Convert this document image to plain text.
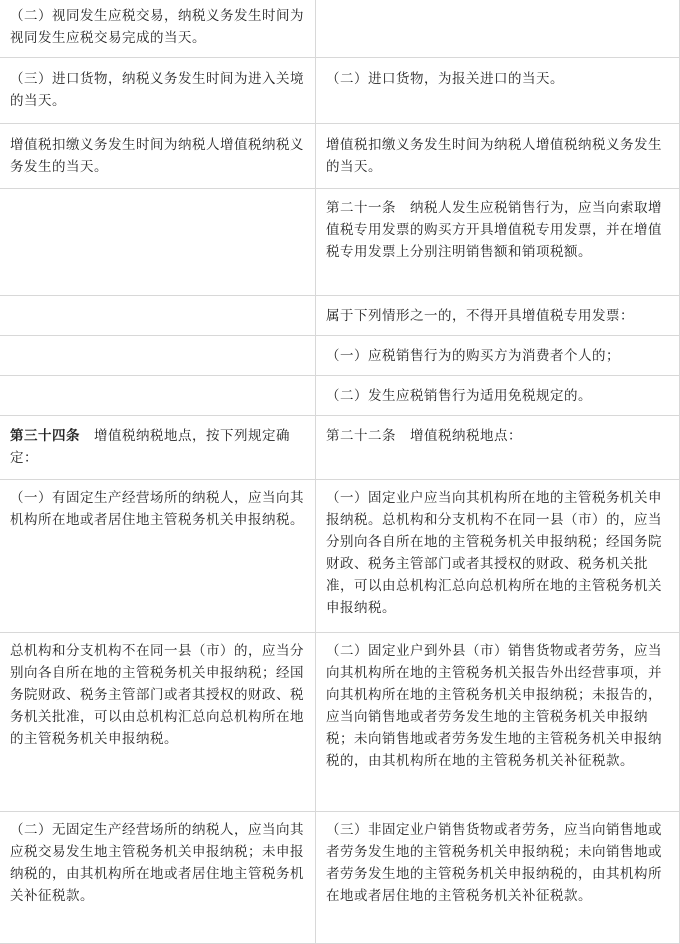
（二）视同发生应税交易，纳税义务发生时间为视同发生应税交易完成的当天。
（三）进口货物，纳税义务发生时间为进入关境的当天。
（二）进口货物，为报关进口的当天。
增值税扣缴义务发生时间为纳税人增值税纳税义务发生的当天。
增值税扣缴义务发生时间为纳税人增值税纳税义务发生的当天。
第二十一条　纳税人发生应税销售行为，应当向索取增值税专用发票的购买方开具增值税专用发票，并在增值税专用发票上分别注明销售额和销项税额。
属于下列情形之一的，不得开具增值税专用发票：
（一）应税销售行为的购买方为消费者个人的；
（二）发生应税销售行为适用免税规定的。
第三十四条　增值税纳税地点，按下列规定确定：
第二十二条　增值税纳税地点：
（一）有固定生产经营场所的纳税人，应当向其机构所在地或者居住地主管税务机关申报纳税。
（一）固定业户应当向其机构所在地的主管税务机关申报纳税。总机构和分支机构不在同一县（市）的，应当分别向各自所在地的主管税务机关申报纳税；经国务院财政、税务主管部门或者其授权的财政、税务机关批准，可以由总机构汇总向总机构所在地的主管税务机关申报纳税。
总机构和分支机构不在同一县（市）的，应当分别向各自所在地的主管税务机关申报纳税；经国务院财政、税务主管部门或者其授权的财政、税务机关批准，可以由总机构汇总向总机构所在地的主管税务机关申报纳税。
（二）固定业户到外县（市）销售货物或者劳务，应当向其机构所在地的主管税务机关报告外出经营事项，并向其机构所在地的主管税务机关申报纳税；未报告的，应当向销售地或者劳务发生地的主管税务机关申报纳税；未向销售地或者劳务发生地的主管税务机关申报纳税的，由其机构所在地的主管税务机关补征税款。
（二）无固定生产经营场所的纳税人，应当向其应税交易发生地主管税务机关申报纳税；未申报纳税的，由其机构所在地或者居住地主管税务机关补征税款。
（三）非固定业户销售货物或者劳务，应当向销售地或者劳务发生地的主管税务机关申报纳税；未向销售地或者劳务发生地的主管税务机关申报纳税的，由其机构所在地或者居住地的主管税务机关补征税款。
